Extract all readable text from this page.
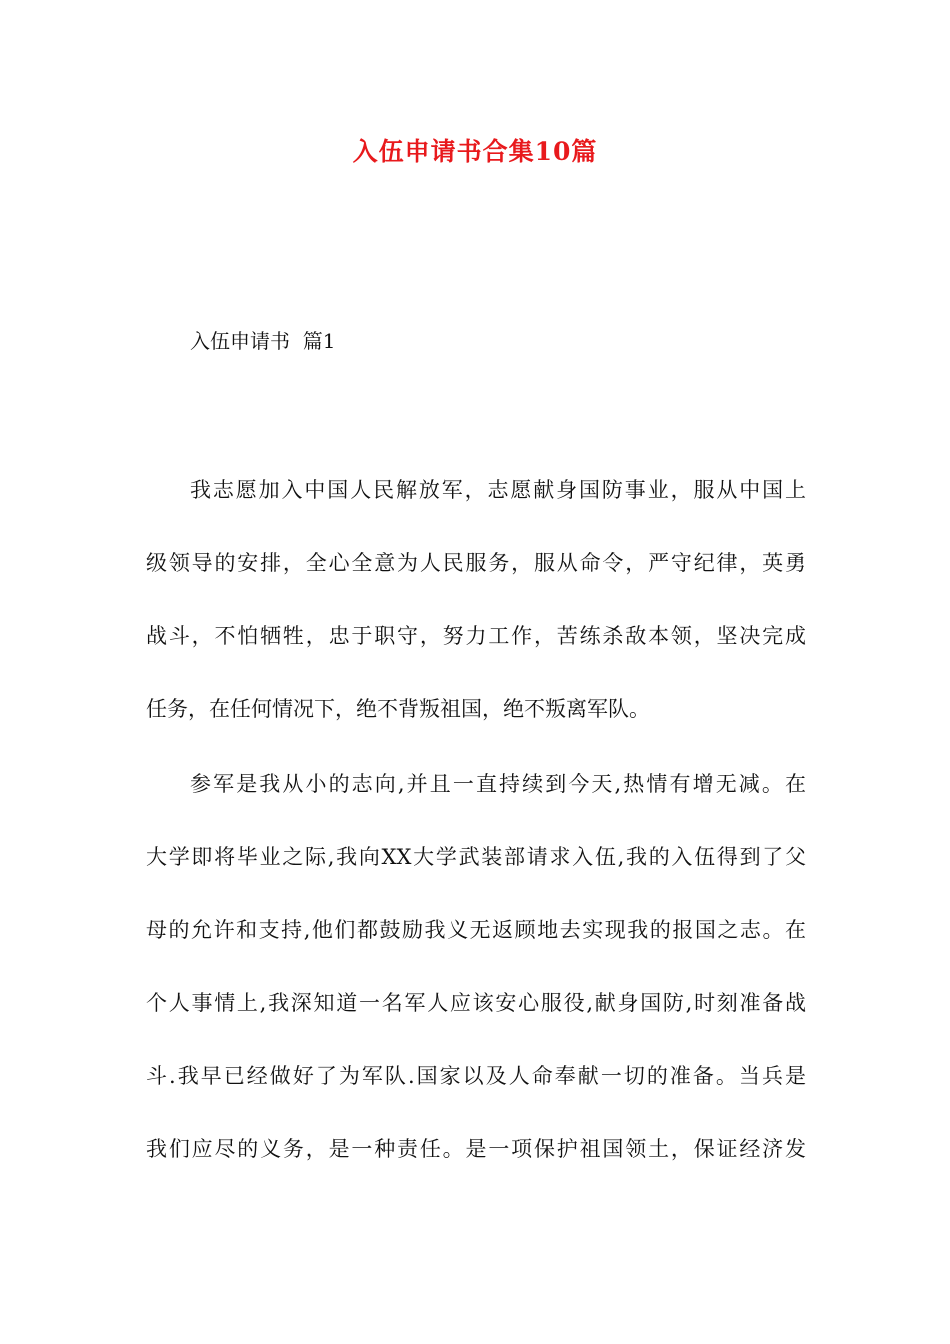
入伍申请书合集10篇
入伍申请书  篇1
我志愿加入中国人民解放军，志愿献身国防事业，服从中国上
级领导的安排，全心全意为人民服务，服从命令，严守纪律，英勇
战斗，不怕牺牲，忠于职守，努力工作，苦练杀敌本领，坚决完成
任务，在任何情况下，绝不背叛祖国，绝不叛离军队。
参军是我从小的志向,并且一直持续到今天,热情有增无减。在
大学即将毕业之际,我向XX大学武装部请求入伍,我的入伍得到了父
母的允许和支持,他们都鼓励我义无返顾地去实现我的报国之志。在
个人事情上,我深知道一名军人应该安心服役,献身国防,时刻准备战
斗.我早已经做好了为军队.国家以及人命奉献一切的准备。当兵是
我们应尽的义务，是一种责任。是一项保护祖国领土，保证经济发
